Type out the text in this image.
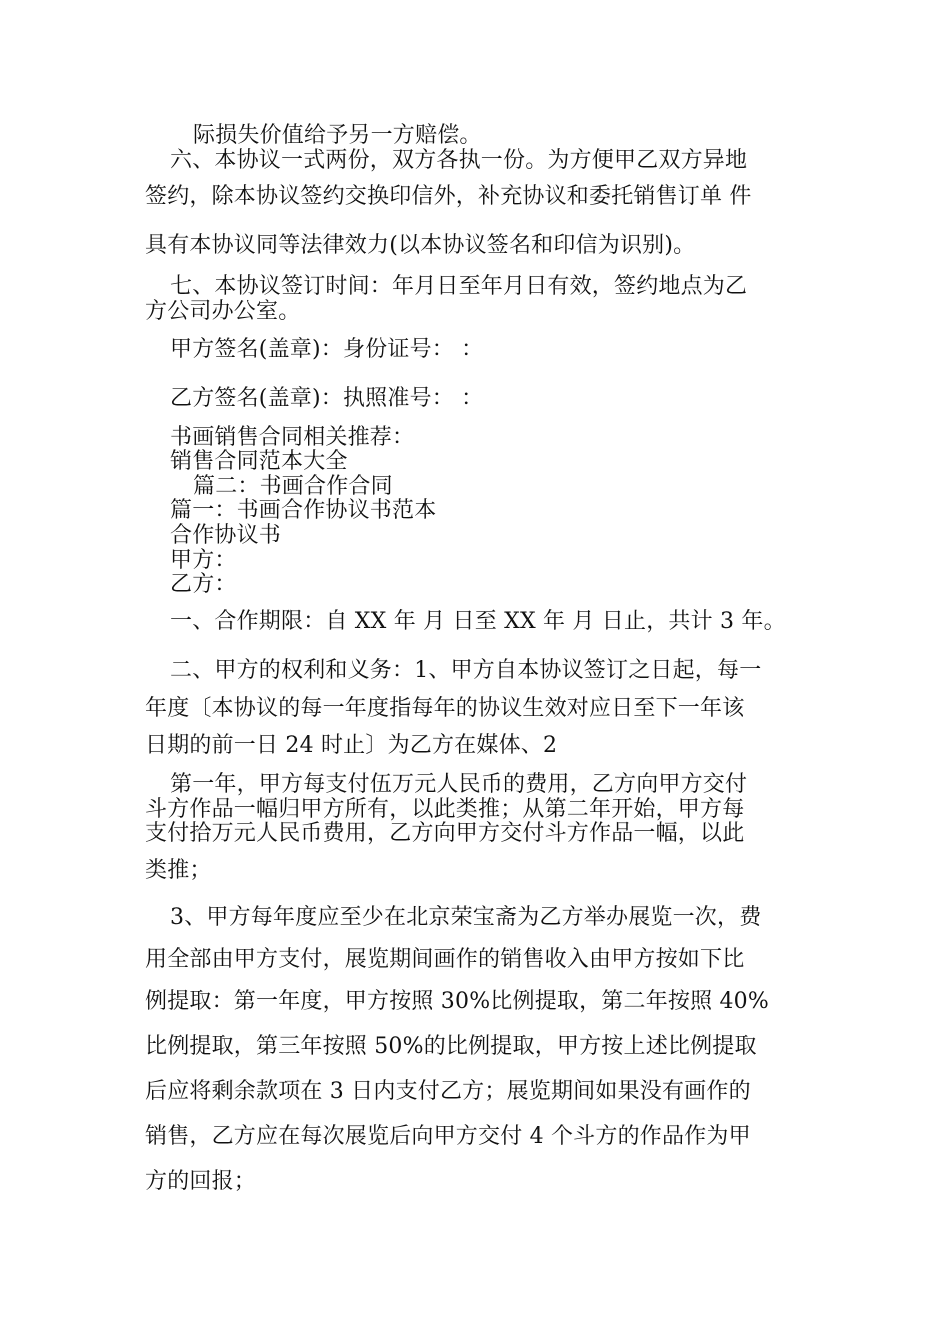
际损失价值给予另一方赔偿。
六、本协议一式两份，双方各执一份。为方便甲乙双方异地
签约，除本协议签约交换印信外，补充协议和委托销售订单 件
具有本协议同等法律效力(以本协议签名和印信为识别)。
七、本协议签订时间：年月日至年月日有效，签约地点为乙
方公司办公室。
甲方签名(盖章)：身份证号： ：
乙方签名(盖章)：执照准号： ：
书画销售合同相关推荐：
销售合同范本大全
篇二：书画合作合同
篇一：书画合作协议书范本
合作协议书
甲方：
乙方：
一、合作期限：自 XX 年 月 日至 XX 年 月 日止，共计 3 年。
二、甲方的权利和义务：1、甲方自本协议签订之日起，每一
年度〔本协议的每一年度指每年的协议生效对应日至下一年该
日期的前一日 24 时止〕为乙方在媒体、2
第一年，甲方每支付伍万元人民币的费用，乙方向甲方交付
斗方作品一幅归甲方所有，以此类推；从第二年开始，甲方每
支付拾万元人民币费用，乙方向甲方交付斗方作品一幅，以此
类推；
3、甲方每年度应至少在北京荣宝斋为乙方举办展览一次，费
用全部由甲方支付，展览期间画作的销售收入由甲方按如下比
例提取：第一年度，甲方按照 30%比例提取，第二年按照 40%
比例提取，第三年按照 50%的比例提取，甲方按上述比例提取
后应将剩余款项在 3 日内支付乙方；展览期间如果没有画作的
销售，乙方应在每次展览后向甲方交付 4 个斗方的作品作为甲
方的回报；
